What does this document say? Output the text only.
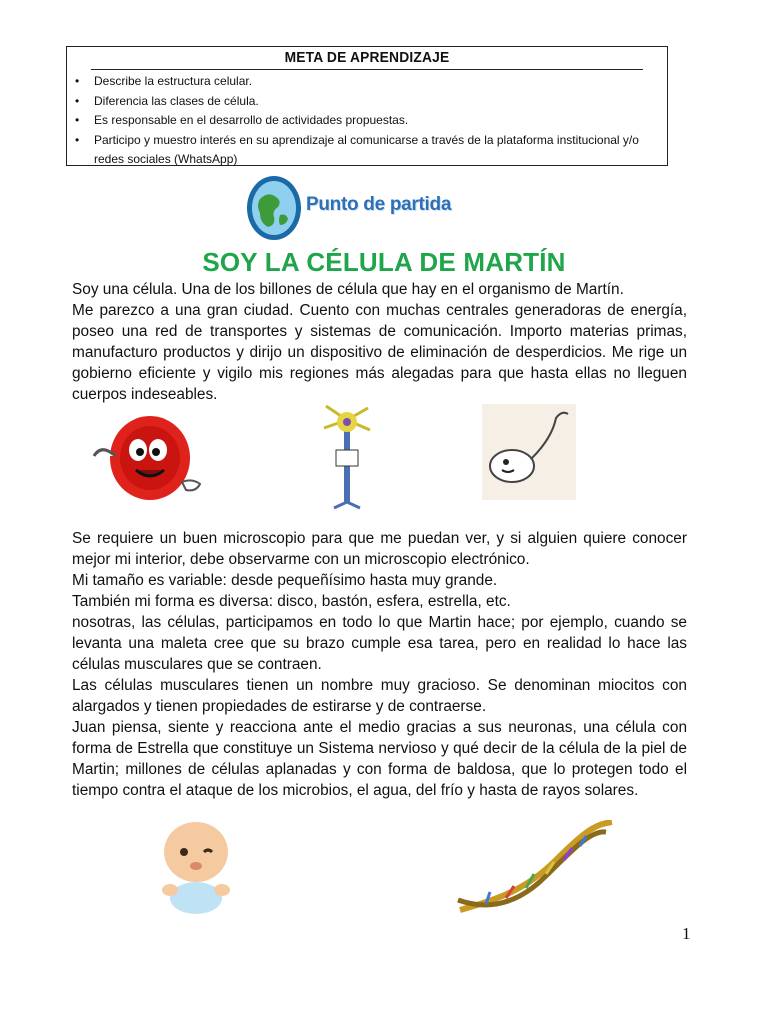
META DE APRENDIZAJE
• Describe la estructura celular.
• Diferencia las clases de célula.
• Es responsable en el desarrollo de actividades propuestas.
• Participo y muestro interés en su aprendizaje al comunicarse a través de la plataforma institucional y/o redes sociales (WhatsApp)
Punto de partida
SOY LA CÉLULA DE MARTÍN

Soy una célula. Una de los billones de célula que hay en el organismo de Martín.

Me parezco a una gran ciudad. Cuento con muchas centrales generadoras de energía, poseo una red de transportes y sistemas de comunicación. Importo materias primas, manufacturo productos y dirijo un dispositivo de eliminación de desperdicios. Me rige un gobierno eficiente y vigilo mis regiones más alegadas para que hasta ellas no lleguen cuerpos indeseables.

Se requiere un buen microscopio para que me puedan ver, y si alguien quiere conocer mejor mi interior, debe observarme con un microscopio electrónico.

Mi tamaño es variable: desde pequeñísimo hasta muy grande.

También mi forma es diversa: disco, bastón, esfera, estrella, etc.

nosotras, las células, participamos en todo lo que Martin hace; por ejemplo, cuando se levanta una maleta cree que su brazo cumple esa tarea, pero en realidad lo hace las células musculares que se contraen.

Las células musculares tienen un nombre muy gracioso. Se denominan miocitos con alargados y tienen propiedades de estirarse y de contraerse.

Juan piensa, siente y reacciona ante el medio gracias a sus neuronas, una célula con forma de Estrella que constituye un Sistema nervioso y qué decir de la célula de la piel de Martin; millones de células aplanadas y con forma de baldosa, que lo protegen todo el tiempo contra el ataque de los microbios, el agua, del frío y hasta de rayos solares.

1
